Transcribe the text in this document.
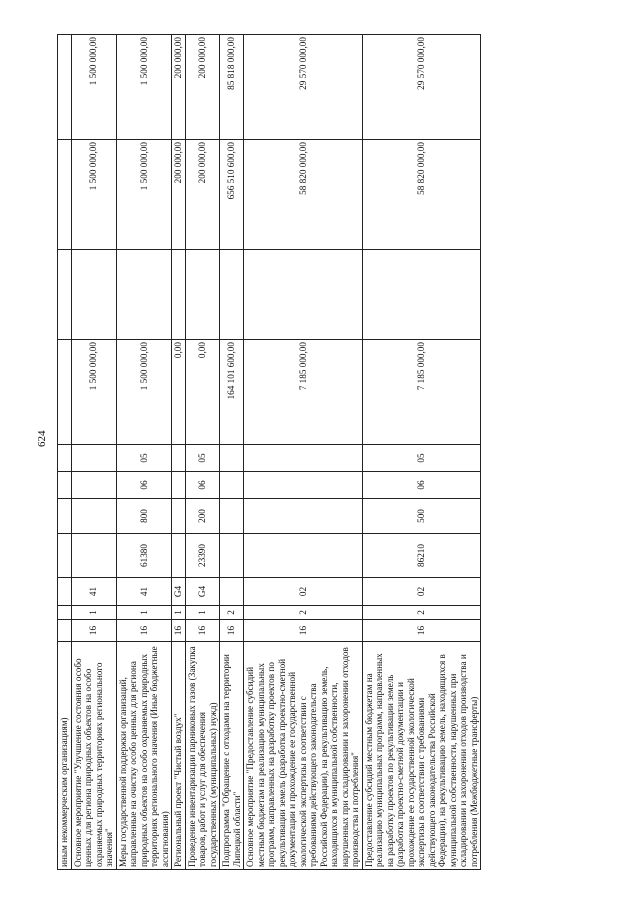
624
иным некоммерческим организациям)											
Основное мероприятие "Улучшение состояния особо ценных для региона природных объектов на особо охраняемых природных территориях регионального значения"	16	1	41					1 500 000,00		1 500 000,00	1 500 000,00
Меры государственной поддержки организаций, направленные на очистку особо ценных для региона природных объектов на особо охраняемых природных территориях регионального значения (Иные бюджетные ассигнования)	16	1	41	61380	800	06	05	1 500 000,00		1 500 000,00	1 500 000,00
Региональный проект "Чистый воздух"	16	1	G4					0,00		200 000,00	200 000,00
Проведение инвентаризации парниковых газов (Закупка товаров, работ и услуг для обеспечения государственных (муниципальных) нужд)	16	1	G4	23390	200	06	05	0,00		200 000,00	200 000,00
Подпрограмма "Обращение с отходами на территории Липецкой области"	16	2						164 101 600,00		656 510 600,00	85 818 000,00
Основное мероприятие "Предоставление субсидий местным бюджетам на реализацию муниципальных программ, направленных на разработку проектов по рекультивации земель (разработка проектно-сметной документации и прохождение ее государственной экологической экспертизы в соответствии с требованиями действующего законодательства Российской Федерации), на рекультивацию земель, находящихся в муниципальной собственности, нарушенных при складировании и захоронении отходов производства и потребления"	16	2	02					7 185 000,00		58 820 000,00	29 570 000,00
Предоставление субсидий местным бюджетам на реализацию муниципальных программ, направленных на разработку проектов по рекультивации земель (разработка проектно-сметной документации и прохождение ее государственной экологической экспертизы в соответствии с требованиями действующего законодательства Российской Федерации), на рекультивацию земель, находящихся в муниципальной собственности, нарушенных при складировании и захоронении отходов производства и потребления (Межбюджетные трансферты)	16	2	02	86210	500	06	05	7 185 000,00		58 820 000,00	29 570 000,00
